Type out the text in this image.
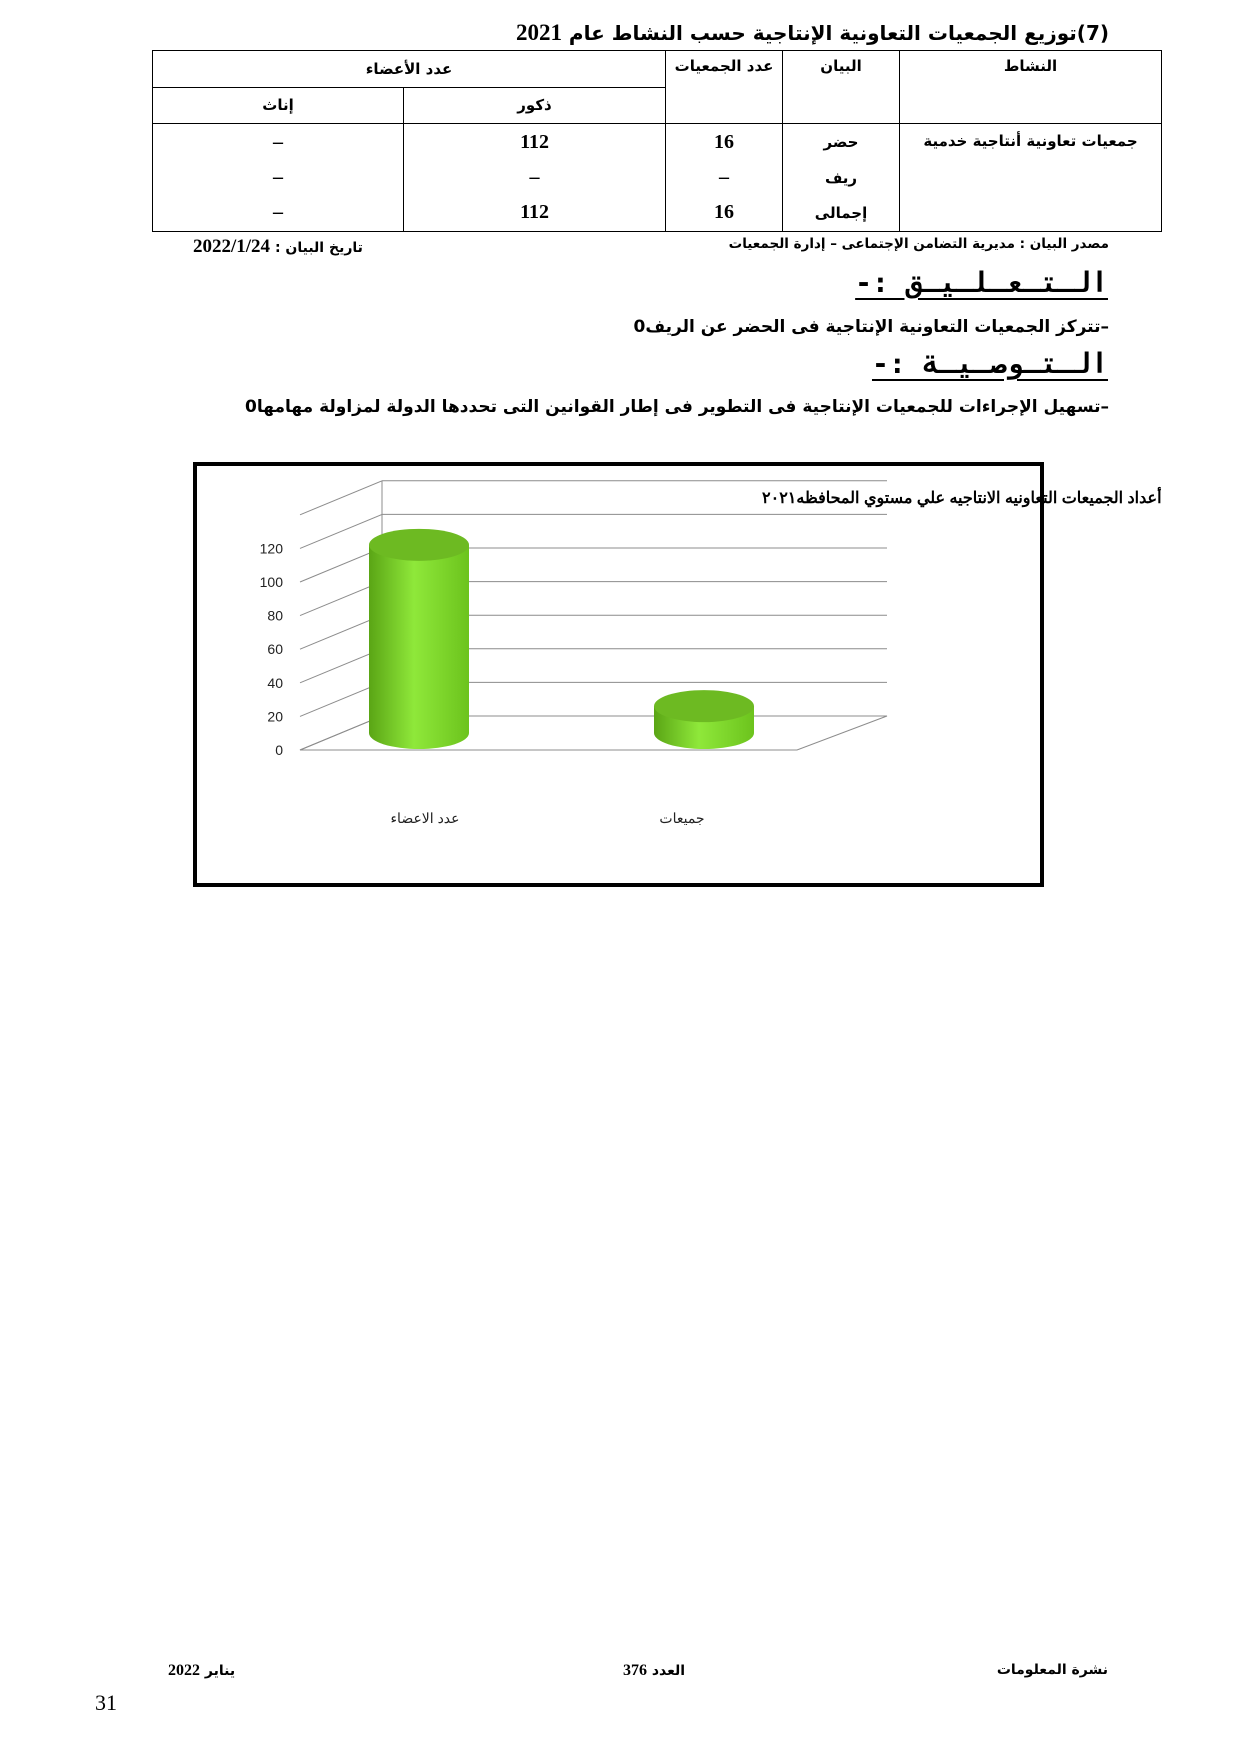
(7)توزيع الجمعيات التعاونية الإنتاجية حسب النشاط عام 2021
النشاط	البيان	عدد الجمعيات	عدد الأعضاء	
			ذكور	إناث
جمعيات تعاونية أنتاجية خدمية	حضر	16	112	–
	ريف	–	–	–
	إجمالى	16	112	–
مصدر البيان : مديرية التضامن الإجتماعى – إدارة الجمعيات
تاريخ البيان : 2022/1/24
الـتـعـلـيـق :-
–تتركز الجمعيات التعاونية الإنتاجية فى الحضر عن الريف0
الـتـوصـيـة :-
–تسهيل الإجراءات للجمعيات الإنتاجية فى التطوير فى إطار القوانين التى تحددها الدولة لمزاولة مهامها0
أعداد الجميعات التعاونيه الانتاجيه علي مستوي المحافظه٢٠٢١
0
20
40
60
80
100
120
عدد الاعضاء	جميعات
نشرة المعلومات
العدد 376
يناير 2022
31
